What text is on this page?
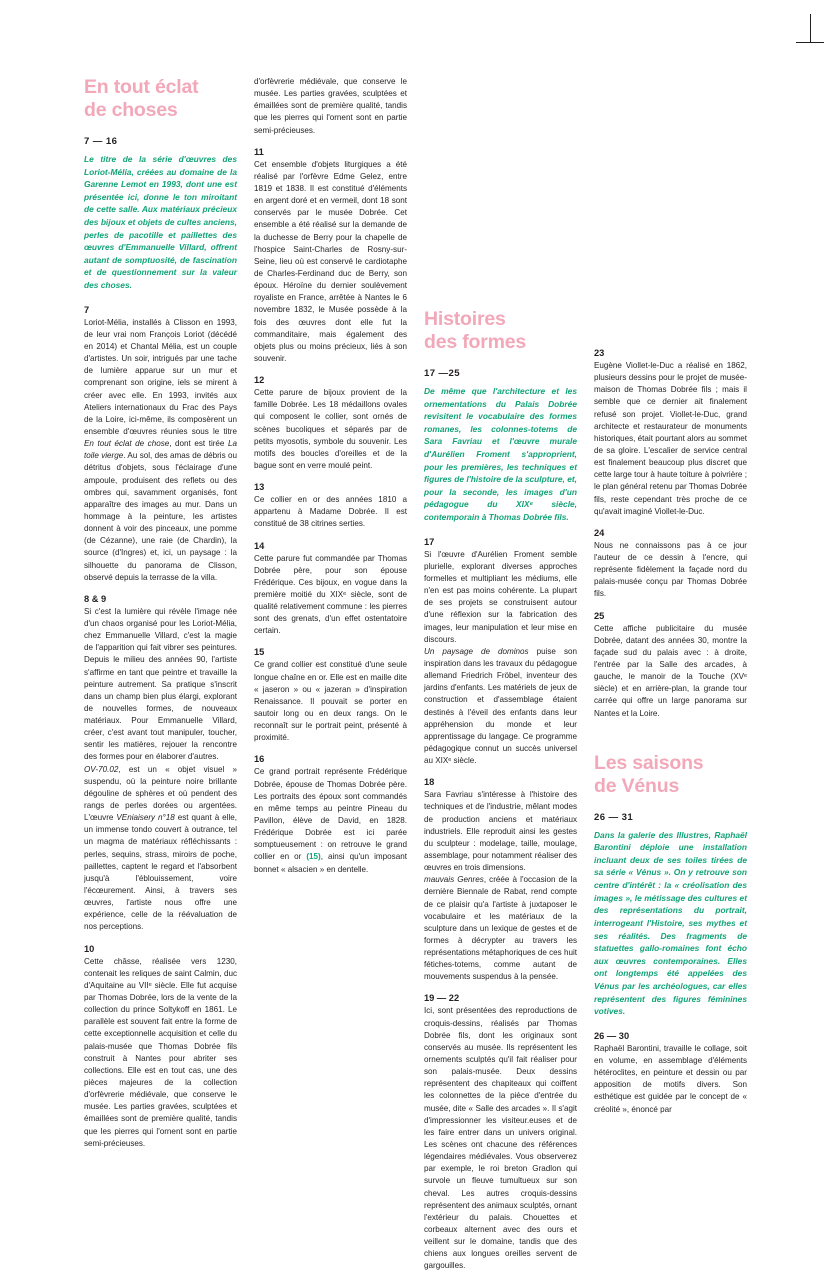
En tout éclat
de choses

7 — 16

Le titre de la série d'œuvres des Loriot-Mélia, créées au domaine de la Garenne Lemot en 1993, dont une est présentée ici, donne le ton miroitant de cette salle. Aux matériaux précieux des bijoux et objets de cultes anciens, perles de pacotille et paillettes des œuvres d'Emmanuelle Villard, offrent autant de somptuosité, de fascination et de questionnement sur la valeur des choses.

7

Loriot-Mélia, installés à Clisson en 1993, de leur vrai nom François Loriot (décédé en 2014) et Chantal Mélia, est un couple d'artistes. Un soir, intrigués par une tache de lumière apparue sur un mur et comprenant son origine, iels se mirent à créer avec elle. En 1993, invités aux Ateliers internationaux du Frac des Pays de la Loire, ici-même, ils composèrent un ensemble d'œuvres réunies sous le titre En tout éclat de chose, dont est tirée La toile vierge. Au sol, des amas de débris ou détritus d'objets, sous l'éclairage d'une ampoule, produisent des reflets ou des ombres qui, savamment organisés, font apparaître des images au mur. Dans un hommage à la peinture, les artistes donnent à voir des pinceaux, une pomme (de Cézanne), une raie (de Chardin), la source (d'Ingres) et, ici, un paysage : la silhouette du panorama de Clisson, observé depuis la terrasse de la villa.

8 & 9

Si c'est la lumière qui révèle l'image née d'un chaos organisé pour les Loriot-Mélia, chez Emmanuelle Villard, c'est la magie de l'apparition qui fait vibrer ses peintures. Depuis le milieu des années 90, l'artiste s'affirme en tant que peintre et travaille la peinture autrement. Sa pratique s'inscrit dans un champ bien plus élargi, explorant de nouvelles formes, de nouveaux matériaux. Pour Emmanuelle Villard, créer, c'est avant tout manipuler, toucher, sentir les matières, rejouer la rencontre des formes pour en élaborer d'autres.

OV-70.02, est un « objet visuel » suspendu, où la peinture noire brillante dégouline de sphères et où pendent des rangs de perles dorées ou argentées. L'œuvre VEniaisery n°18 est quant à elle, un immense tondo couvert à outrance, tel un magma de matériaux réfléchissants : perles, sequins, strass, miroirs de poche, paillettes, captent le regard et l'absorbent jusqu'à l'éblouissement, voire l'écœurement. Ainsi, à travers ses œuvres, l'artiste nous offre une expérience, celle de la réévaluation de nos perceptions.

10

Cette châsse, réalisée vers 1230, contenait les reliques de saint Calmin, duc d'Aquitaine au VIIᵉ siècle. Elle fut acquise par Thomas Dobrée, lors de la vente de la collection du prince Soltykoff en 1861. Le parallèle est souvent fait entre la forme de cette exceptionnelle acquisition et celle du palais-musée que Thomas Dobrée fils construit à Nantes pour abriter ses collections. Elle est en tout cas, une des pièces majeures de la collection d'orfèvrerie médiévale, que conserve le musée. Les parties gravées, sculptées et émaillées sont de première qualité, tandis que les pierres qui l'ornent sont en partie semi-précieuses.

d'orfèvrerie médiévale, que conserve le musée. Les parties gravées, sculptées et émaillées sont de première qualité, tandis que les pierres qui l'ornent sont en partie semi-précieuses.

11

Cet ensemble d'objets liturgiques a été réalisé par l'orfèvre Edme Gelez, entre 1819 et 1838. Il est constitué d'éléments en argent doré et en vermeil, dont 18 sont conservés par le musée Dobrée. Cet ensemble a été réalisé sur la demande de la duchesse de Berry pour la chapelle de l'hospice Saint-Charles de Rosny-sur-Seine, lieu où est conservé le cardiotaphe de Charles-Ferdinand duc de Berry, son époux. Héroïne du dernier soulèvement royaliste en France, arrêtée à Nantes le 6 novembre 1832, le Musée possède à la fois des œuvres dont elle fut la commanditaire, mais également des objets plus ou moins précieux, liés à son souvenir.

12

Cette parure de bijoux provient de la famille Dobrée. Les 18 médaillons ovales qui composent le collier, sont ornés de scènes bucoliques et séparés par de petits myosotis, symbole du souvenir. Les motifs des boucles d'oreilles et de la bague sont en verre moulé peint.

13

Ce collier en or des années 1810 a appartenu à Madame Dobrée. Il est constitué de 38 citrines serties.

14

Cette parure fut commandée par Thomas Dobrée père, pour son épouse Frédérique. Ces bijoux, en vogue dans la première moitié du XIXᵉ siècle, sont de qualité relativement commune : les pierres sont des grenats, d'un effet ostentatoire certain.

15

Ce grand collier est constitué d'une seule longue chaîne en or. Elle est en maille dite « jaseron » ou « jazeran » d'inspiration Renaissance. Il pouvait se porter en sautoir long ou en deux rangs. On le reconnaît sur le portrait peint, présenté à proximité.

16

Ce grand portrait représente Frédérique Dobrée, épouse de Thomas Dobrée père. Les portraits des époux sont commandés en même temps au peintre Pineau du Pavillon, élève de David, en 1828. Frédérique Dobrée est ici parée somptueusement : on retrouve le grand collier en or (15), ainsi qu'un imposant bonnet « alsacien » en dentelle.

Histoires
des formes

17 —25

De même que l'architecture et les ornementations du Palais Dobrée revisitent le vocabulaire des formes romanes, les colonnes-totems de Sara Favriau et l'œuvre murale d'Aurélien Froment s'approprient, pour les premières, les techniques et figures de l'histoire de la sculpture, et, pour la seconde, les images d'un pédagogue du XIXᵉ siècle, contemporain à Thomas Dobrée fils.

17

Si l'œuvre d'Aurélien Froment semble plurielle, explorant diverses approches formelles et multipliant les médiums, elle n'en est pas moins cohérente. La plupart de ses projets se construisent autour d'une réflexion sur la fabrication des images, leur manipulation et leur mise en discours.

Un paysage de dominos puise son inspiration dans les travaux du pédagogue allemand Friedrich Fröbel, inventeur des jardins d'enfants. Les matériels de jeux de construction et d'assemblage étaient destinés à l'éveil des enfants dans leur appréhension du monde et leur apprentissage du langage. Ce programme pédagogique connut un succès universel au XIXᵉ siècle.

18

Sara Favriau s'intéresse à l'histoire des techniques et de l'industrie, mêlant modes de production anciens et matériaux industriels. Elle reproduit ainsi les gestes du sculpteur : modelage, taille, moulage, assemblage, pour notamment réaliser des œuvres en trois dimensions.

mauvais Genres, créée à l'occasion de la dernière Biennale de Rabat, rend compte de ce plaisir qu'a l'artiste à juxtaposer le vocabulaire et les matériaux de la sculpture dans un lexique de gestes et de formes à décrypter au travers les représentations métaphoriques de ces huit fétiches-totems, comme autant de mouvements suspendus à la pensée.

19 — 22

Ici, sont présentées des reproductions de croquis-dessins, réalisés par Thomas Dobrée fils, dont les originaux sont conservés au musée. Ils représentent les ornements sculptés qu'il fait réaliser pour son palais-musée. Deux dessins représentent des chapiteaux qui coiffent les colonnettes de la pièce d'entrée du musée, dite « Salle des arcades ». Il s'agit d'impressionner les visiteur.euses et de les faire entrer dans un univers original. Les scènes ont chacune des références légendaires médiévales. Vous observerez par exemple, le roi breton Gradlon qui survole un fleuve tumultueux sur son cheval. Les autres croquis-dessins représentent des animaux sculptés, ornant l'extérieur du palais. Chouettes et corbeaux alternent avec des ours et veillent sur le domaine, tandis que des chiens aux longues oreilles servent de gargouilles.

23

Eugène Viollet-le-Duc a réalisé en 1862, plusieurs dessins pour le projet de musée-maison de Thomas Dobrée fils ; mais il semble que ce dernier ait finalement refusé son projet. Viollet-le-Duc, grand architecte et restaurateur de monuments historiques, était pourtant alors au sommet de sa gloire. L'escalier de service central est finalement beaucoup plus discret que cette large tour à haute toiture à poivrière ; le plan général retenu par Thomas Dobrée fils, reste cependant très proche de ce qu'avait imaginé Viollet-le-Duc.

24

Nous ne connaissons pas à ce jour l'auteur de ce dessin à l'encre, qui représente fidèlement la façade nord du palais-musée conçu par Thomas Dobrée fils.

25

Cette affiche publicitaire du musée Dobrée, datant des années 30, montre la façade sud du palais avec : à droite, l'entrée par la Salle des arcades, à gauche, le manoir de la Touche (XVᵉ siècle) et en arrière-plan, la grande tour carrée qui offre un large panorama sur Nantes et la Loire.

Les saisons
de Vénus

26 — 31

Dans la galerie des Illustres, Raphaël Barontini déploie une installation incluant deux de ses toiles tirées de sa série « Vénus ». On y retrouve son centre d'intérêt : la « créolisation des images », le métissage des cultures et des représentations du portrait, interrogeant l'Histoire, ses mythes et ses réalités. Des fragments de statuettes gallo-romaines font écho aux œuvres contemporaines. Elles ont longtemps été appelées des Vénus par les archéologues, car elles représentent des figures féminines votives.

26 — 30

Raphaël Barontini, travaille le collage, soit en volume, en assemblage d'éléments hétéroclites, en peinture et dessin ou par apposition de motifs divers. Son esthétique est guidée par le concept de « créolité », énoncé par
